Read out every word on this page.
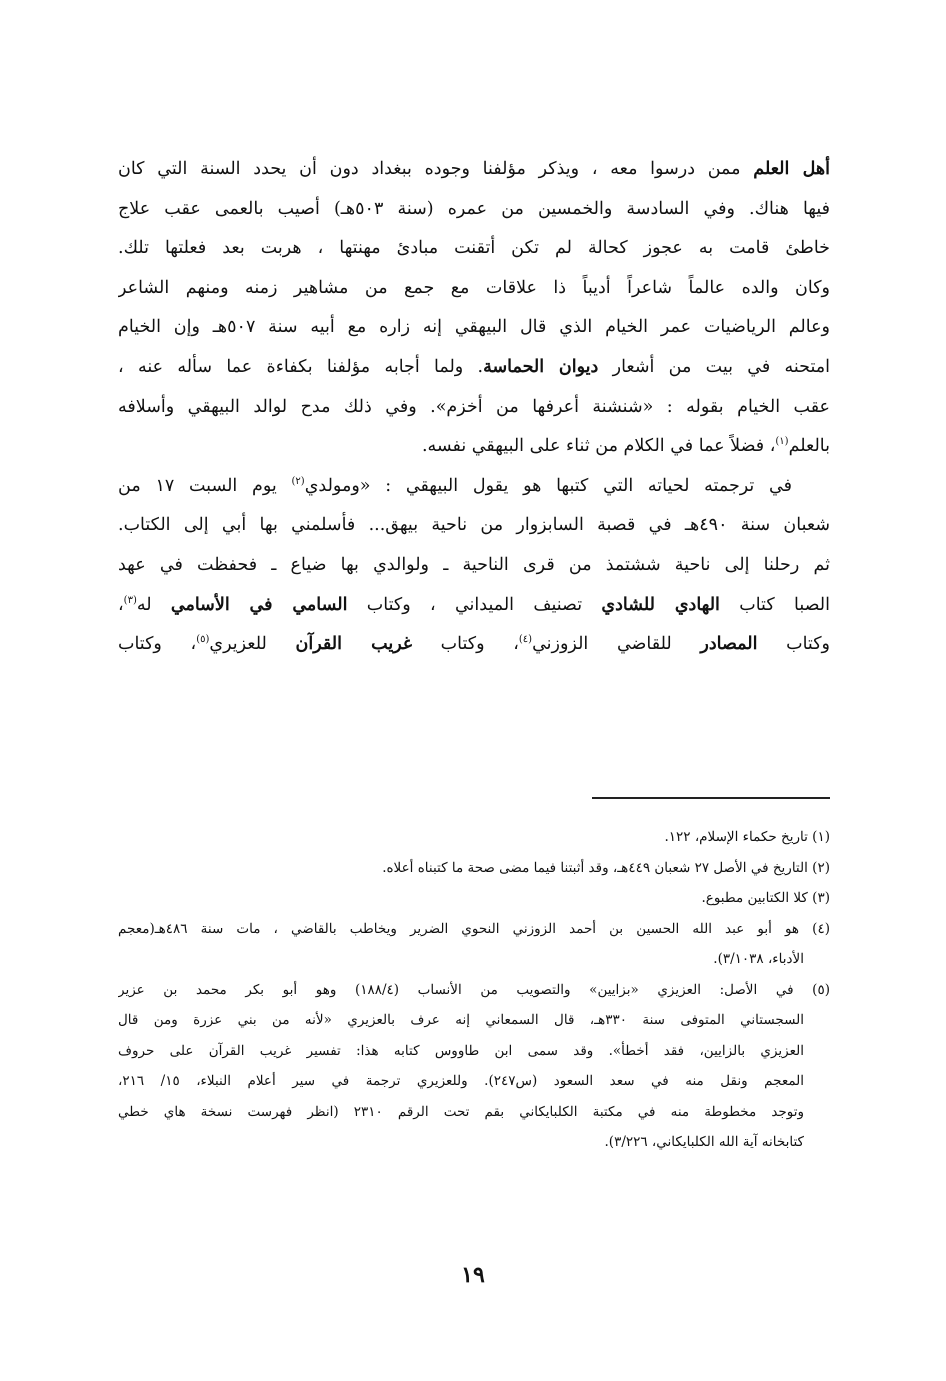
أهل العلم ممن درسوا معه ، ويذكر مؤلفنا وجوده ببغداد دون أن يحدد السنة التي كان
فيها هناك. وفي السادسة والخمسين من عمره (سنة ٥٠٣هـ) أصيب بالعمى عقب علاج
خاطئ قامت به عجوز كحالة لم تكن أتقنت مبادئ مهنتها ، هربت بعد فعلتها تلك.
وكان والده عالماً شاعراً أديباً ذا علاقات مع جمع من مشاهير زمنه ومنهم الشاعر
وعالم الرياضيات عمر الخيام الذي قال البيهقي إنه زاره مع أبيه سنة ٥٠٧هـ وإن الخيام
امتحنه في بيت من أشعار ديوان الحماسة. ولما أجابه مؤلفنا بكفاءة عما سأله عنه ،
عقب الخيام بقوله : «شنشنة أعرفها من أخزم». وفي ذلك مدح لوالد البيهقي وأسلافه
بالعلم$^{(١)}$، فضلاً عما في الكلام من ثناء على البيهقي نفسه.
في ترجمته لحياته التي كتبها هو يقول البيهقي : «ومولدي$^{(٢)}$ يوم السبت ١٧ من
شعبان سنة ٤٩٠هـ في قصبة السابزوار من ناحية بيهق... فأسلمني بها أبي إلى الكتاب.
ثم رحلنا إلى ناحية ششتمذ من قرى الناحية ـ ولوالدي بها ضياع ـ فحفظت في عهد
الصبا كتاب الهادي للشادي تصنيف الميداني ، وكتاب السامي في الأسامي له$^{(٣)}$،
وكتاب المصادر للقاضي الزوزني$^{(٤)}$، وكتاب غريب القرآن للعزيري$^{(٥)}$، وكتاب
(١) تاريخ حكماء الإسلام، ١٢٢.
(٢) التاريخ في الأصل ٢٧ شعبان ٤٤٩هـ، وقد أثبتنا فيما مضى صحة ما كتبناه أعلاه.
(٣) كلا الكتابين مطبوع.
(٤) هو أبو عبد الله الحسين بن أحمد الزوزني النحوي الضرير ويخاطب بالقاضي ، مات سنة ٤٨٦هـ(معجم
الأدباء، ٣/١٠٣٨).
(٥) في الأصل: العزيزي «بزايين» والتصويب من الأنساب (١٨٨/٤) وهو أبو بكر محمد بن عزير
السجستاني المتوفى سنة ٣٣٠هـ، قال السمعاني إنه عرف بالعزيري «لأنه من بني عزرة ومن قال
العزيزي بالزايين، فقد أخطأ». وقد سمى ابن طاووس كتابه هذا: تفسير غريب القرآن على حروف
المعجم ونقل منه في سعد السعود (س٢٤٧). وللعزيري ترجمة في سير أعلام النبلاء، ١٥/ ٢١٦،
وتوجد مخطوطة منه في مكتبة الكلبايكاني بقم تحت الرقم ٢٣١٠ (انظر فهرست نسخة هاي خطي
كتابخانه آية الله الكلبايكاني، ٣/٢٢٦).
١٩
